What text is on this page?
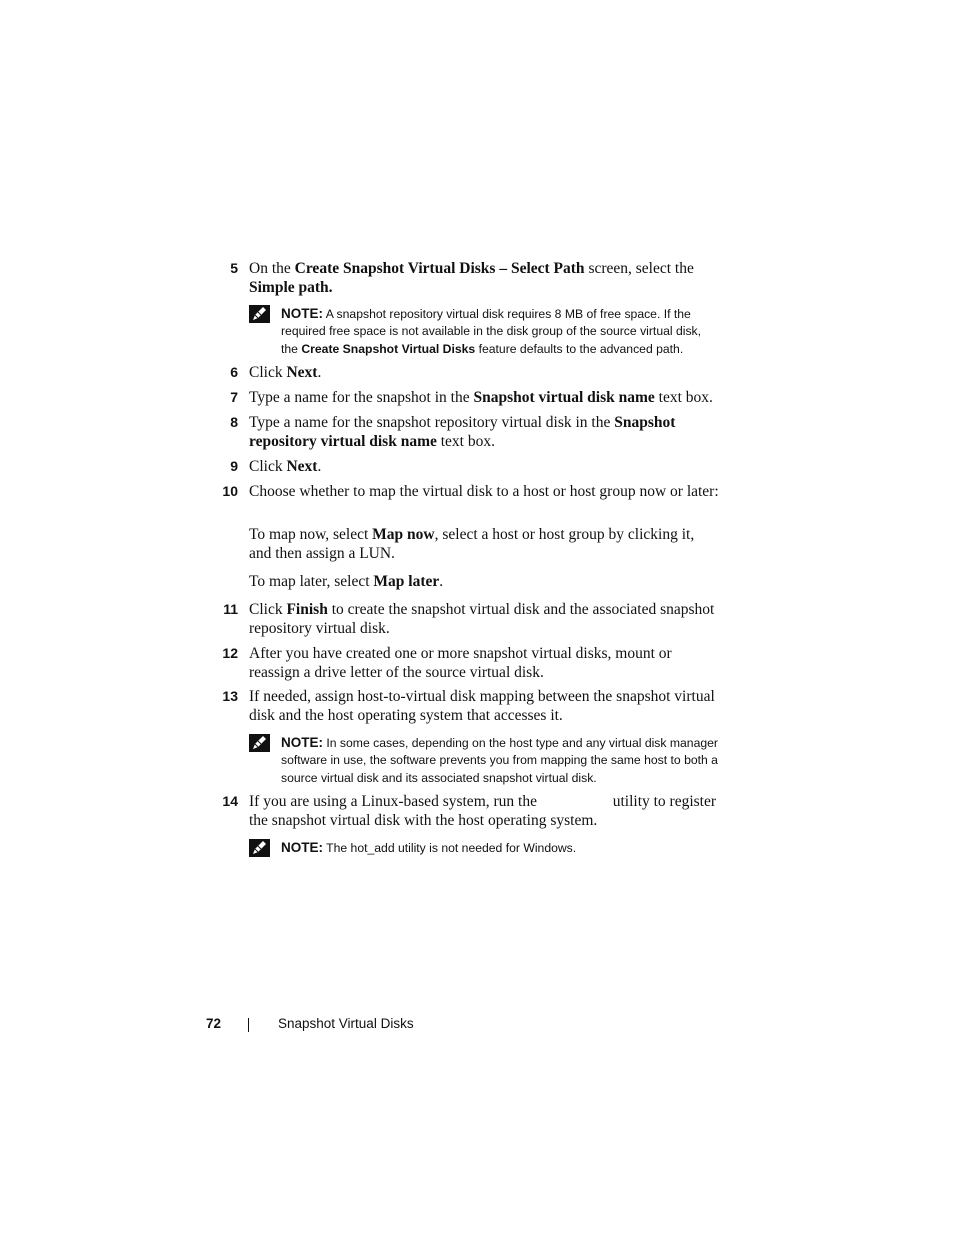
5 On the Create Snapshot Virtual Disks – Select Path screen, select the Simple path.
NOTE: A snapshot repository virtual disk requires 8 MB of free space. If the required free space is not available in the disk group of the source virtual disk, the Create Snapshot Virtual Disks feature defaults to the advanced path.
6 Click Next.
7 Type a name for the snapshot in the Snapshot virtual disk name text box.
8 Type a name for the snapshot repository virtual disk in the Snapshot repository virtual disk name text box.
9 Click Next.
10 Choose whether to map the virtual disk to a host or host group now or later:
To map now, select Map now, select a host or host group by clicking it, and then assign a LUN.
To map later, select Map later.
11 Click Finish to create the snapshot virtual disk and the associated snapshot repository virtual disk.
12 After you have created one or more snapshot virtual disks, mount or reassign a drive letter of the source virtual disk.
13 If needed, assign host-to-virtual disk mapping between the snapshot virtual disk and the host operating system that accesses it.
NOTE: In some cases, depending on the host type and any virtual disk manager software in use, the software prevents you from mapping the same host to both a source virtual disk and its associated snapshot virtual disk.
14 If you are using a Linux-based system, run the	utility to register the snapshot virtual disk with the host operating system.
NOTE: The hot_add utility is not needed for Windows.
72	Snapshot Virtual Disks
